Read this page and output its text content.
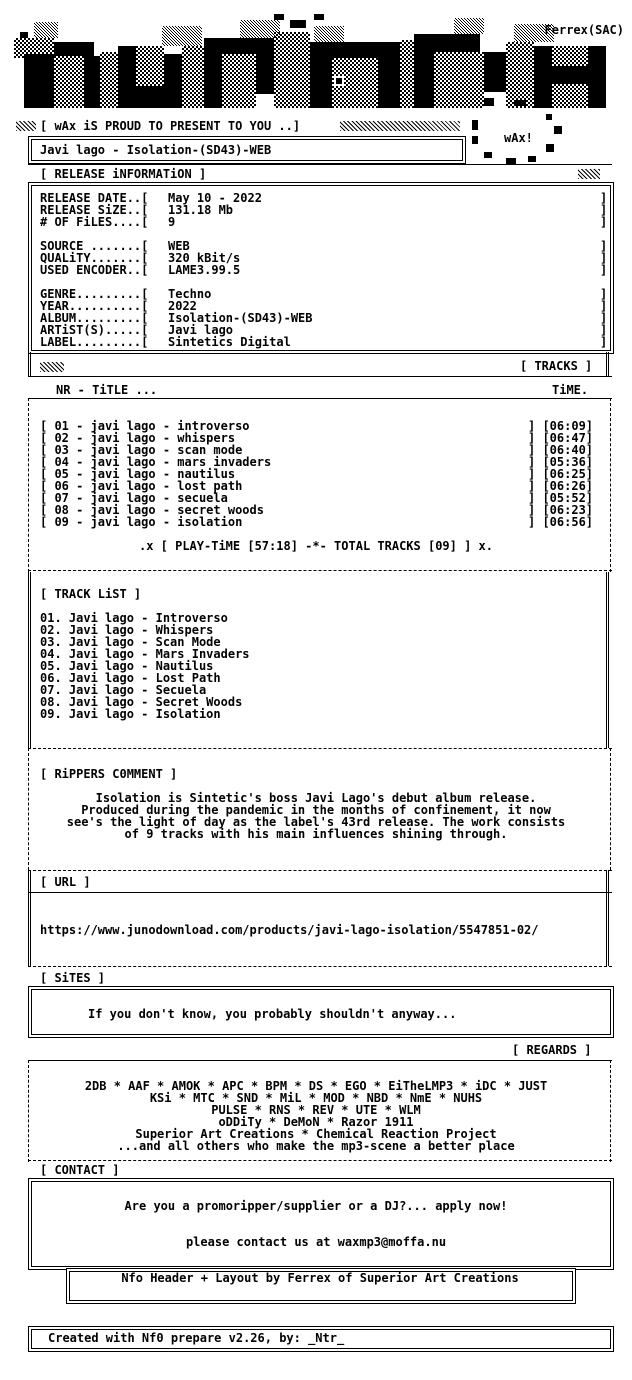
Ferrex(SAC)
[ wAx iS PROUD TO PRESENT TO YOU ..]
wAx!
Javi lago - Isolation-(SD43)-WEB
[ RELEASE iNFORMATiON ]
RELEASE DATE..[ May 10 - 2022
RELEASE SiZE..[ 131.18 Mb
# OF FiLES....[ 9
SOURCE .......[ WEB
QUALiTY.......[ 320 kBit/s
USED ENCODER..[ LAME3.99.5
GENRE.........[ Techno
YEAR..........[ 2022
ALBUM.........[ Isolation-(SD43)-WEB
ARTiST(S).....[ Javi lago
LABEL.........[ Sintetics Digital
]
]
]
]
]
]
]
]
]
]
]
[ TRACKS ]
NR - TiTLE ...	TiME.
[ 01 - javi lago - introverso	] [06:09]
[ 02 - javi lago - whispers	] [06:47]
[ 03 - javi lago - scan mode	] [06:40]
[ 04 - javi lago - mars invaders	] [05:36]
[ 05 - javi lago - nautilus	] [06:25]
[ 06 - javi lago - lost path	] [06:26]
[ 07 - javi lago - secuela	] [05:52]
[ 08 - javi lago - secret woods	] [06:23]
[ 09 - javi lago - isolation	] [06:56]
.x [ PLAY-TiME [57:18] -*- TOTAL TRACKS [09] ] x.
[ TRACK LiST ]
01. Javi lago - Introverso
02. Javi lago - Whispers
03. Javi lago - Scan Mode
04. Javi lago - Mars Invaders
05. Javi lago - Nautilus
06. Javi lago - Lost Path
07. Javi lago - Secuela
08. Javi lago - Secret Woods
09. Javi lago - Isolation
[ RiPPERS C0MMENT ]
Isolation is Sintetic's boss Javi Lago's debut album release.
Produced during the pandemic in the months of confinement, it now
see's the light of day as the label's 43rd release. The work consists
of 9 tracks with his main influences shining through.
[ URL ]
https://www.junodownload.com/products/javi-lago-isolation/5547851-02/
[ SiTES ]
If you don't know, you probably shouldn't anyway...
[ REGARDS ]
2DB * AAF * AMOK * APC * BPM * DS * EGO * EiTheLMP3 * iDC * JUST
KSi * MTC * SND * MiL * MOD * NBD * NmE * NUHS
PULSE * RNS * REV * UTE * WLM
oDDiTy * DeMoN * Razor 1911
Superior Art Creations * Chemical Reaction Project
...and all others who make the mp3-scene a better place
[ CONTACT ]
Are you a promoripper/supplier or a DJ?... apply now!
please contact us at waxmp3@moffa.nu
Nfo Header + Layout by Ferrex of Superior Art Creations
Created with Nf0 prepare v2.26, by: _Ntr_
